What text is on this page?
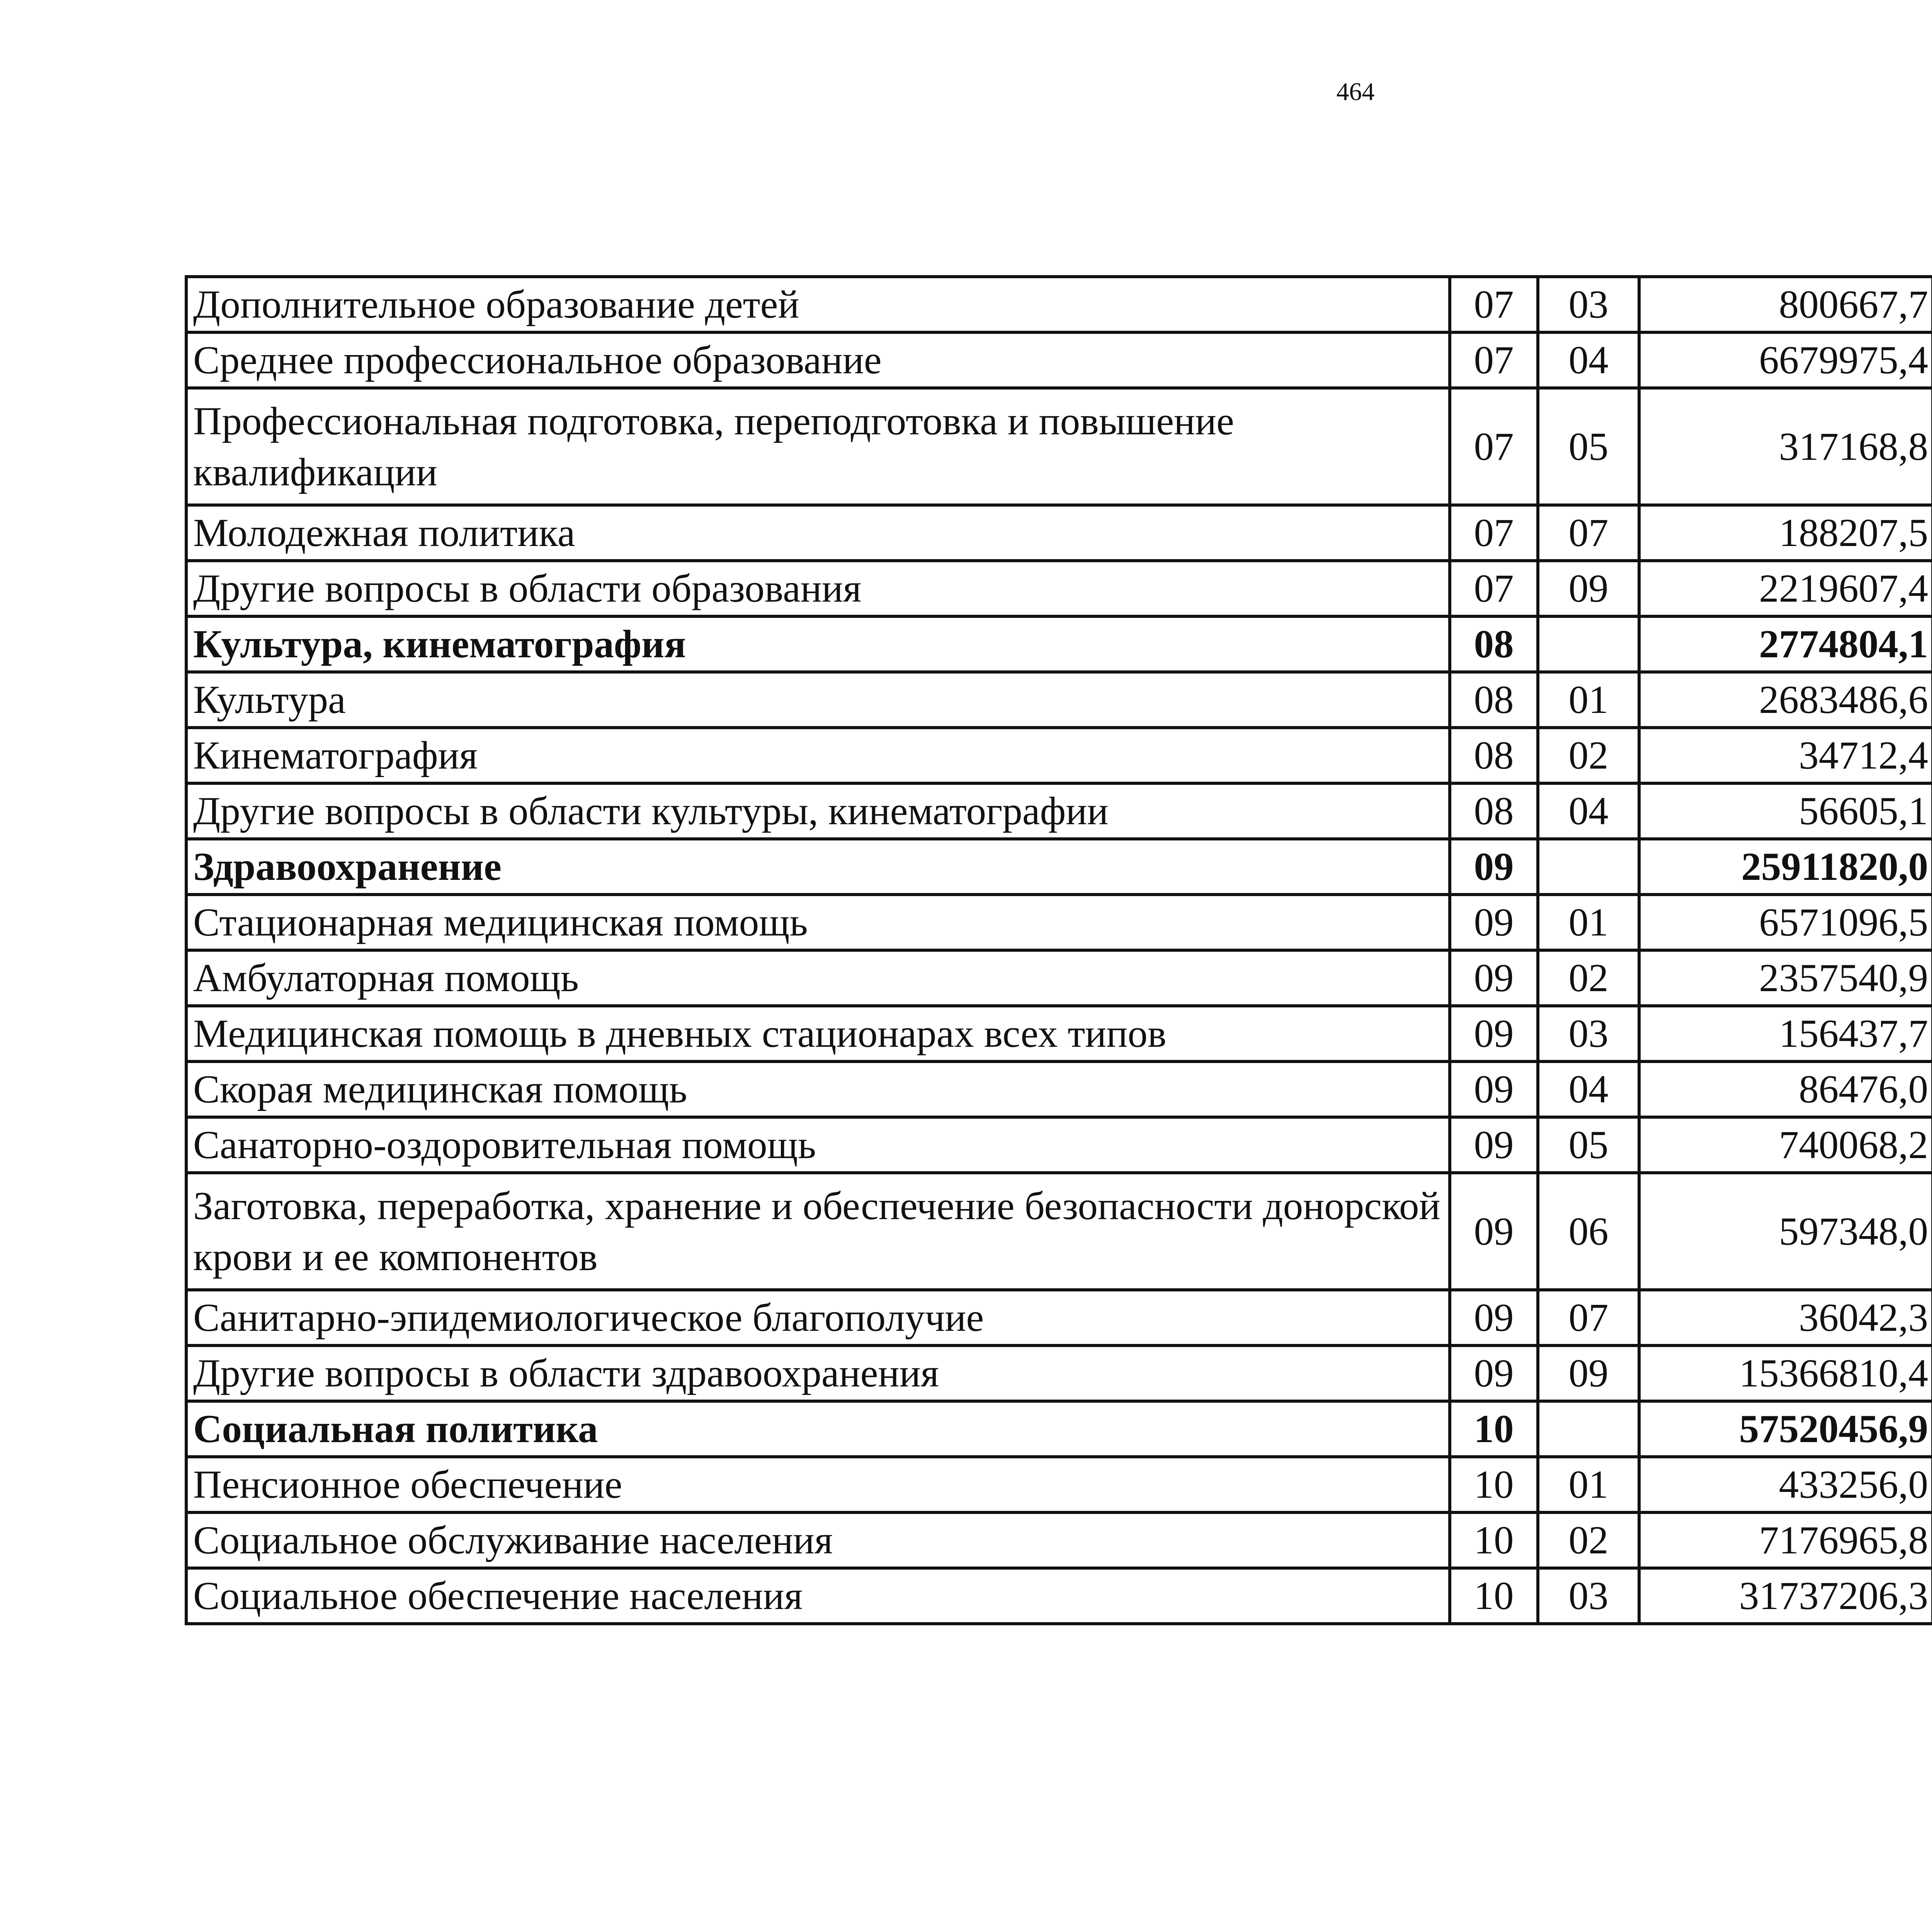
464
Дополнительное образование детей	07	03	800667,7		
Среднее профессиональное образование	07	04	6679975,4		
Профессиональная подготовка, переподготовка и повышение квалификации	07	05	317168,8		
Молодежная политика	07	07	188207,5		
Другие вопросы в области образования	07	09	2219607,4		
Культура, кинематография	08		2774804,1		
Культура	08	01	2683486,6		
Кинематография	08	02	34712,4		
Другие вопросы в области культуры, кинематографии	08	04	56605,1		
Здравоохранение	09		25911820,0		
Стационарная медицинская помощь	09	01	6571096,5		
Амбулаторная помощь	09	02	2357540,9		
Медицинская помощь в дневных стационарах всех типов	09	03	156437,7		
Скорая медицинская помощь	09	04	86476,0		
Санаторно-оздоровительная помощь	09	05	740068,2		
Заготовка, переработка, хранение и обеспечение безопасности донорской крови и ее компонентов	09	06	597348,0		
Санитарно-эпидемиологическое благополучие	09	07	36042,3		
Другие вопросы в области здравоохранения	09	09	15366810,4		
Социальная политика	10		57520456,9		
Пенсионное обеспечение	10	01	433256,0		
Социальное обслуживание населения	10	02	7176965,8		
Социальное обеспечение населения	10	03	31737206,3		
